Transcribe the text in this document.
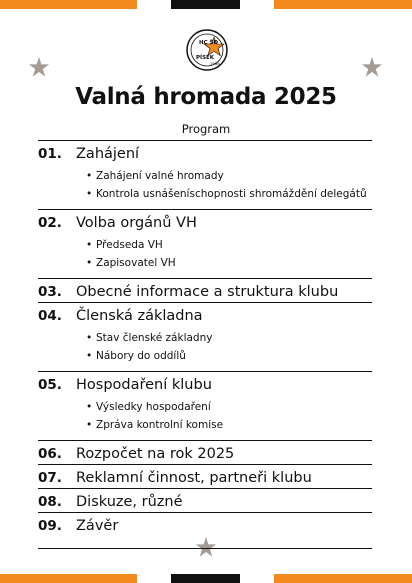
HC ŠD
PÍSEK
1986
Valná hromada 2025
Program
01. Zahájení
• Zahájení valné hromady
• Kontrola usnášeníschopnosti shromáždění delegátů
02. Volba orgánů VH
• Předseda VH
• Zapisovatel VH
03. Obecné informace a struktura klubu
04. Členská základna
• Stav členské základny
• Nábory do oddílů
05. Hospodaření klubu
• Výsledky hospodaření
• Zpráva kontrolní komise
06. Rozpočet na rok 2025
07. Reklamní činnost, partneři klubu
08. Diskuze, různé
09. Závěr
